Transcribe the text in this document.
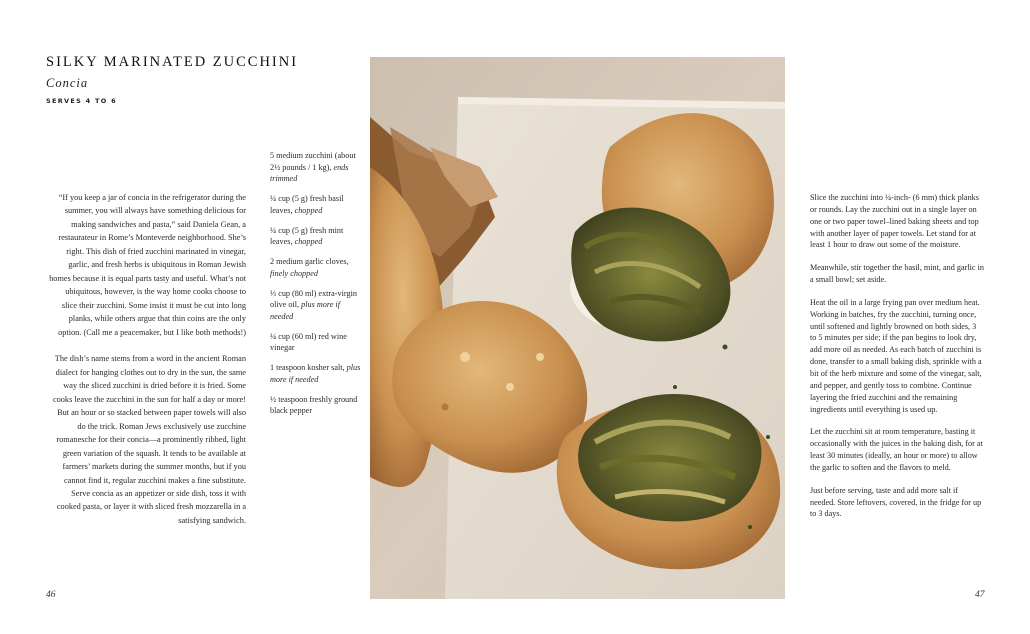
SILKY MARINATED ZUCCHINI
Concia
SERVES 4 TO 6

“If you keep a jar of concia in the refrigerator during the summer, you will always have something delicious for making sandwiches and pasta,” said Daniela Gean, a restaurateur in Rome’s Monteverde neighborhood. She’s right. This dish of fried zucchini marinated in vinegar, garlic, and fresh herbs is ubiquitous in Roman Jewish homes because it is equal parts tasty and useful. What’s not ubiquitous, however, is the way home cooks choose to slice their zucchini. Some insist it must be cut into long planks, while others argue that thin coins are the only option. (Call me a peacemaker, but I like both methods!)

The dish’s name stems from a word in the ancient Roman dialect for hanging clothes out to dry in the sun, the same way the sliced zucchini is dried before it is fried. Some cooks leave the zucchini in the sun for half a day or more! But an hour or so stacked between paper towels will also do the trick. Roman Jews exclusively use zucchine romanesche for their concia—a prominently ribbed, light green variation of the squash. It tends to be available at farmers’ markets during the summer months, but if you cannot find it, regular zucchini makes a fine substitute. Serve concia as an appetizer or side dish, toss it with cooked pasta, or layer it with sliced fresh mozzarella in a satisfying sandwich.

5 medium zucchini (about 2½ pounds / 1 kg), ends trimmed
¼ cup (5 g) fresh basil leaves, chopped
¼ cup (5 g) fresh mint leaves, chopped
2 medium garlic cloves, finely chopped
⅓ cup (80 ml) extra-virgin olive oil, plus more if needed
¼ cup (60 ml) red wine vinegar
1 teaspoon kosher salt, plus more if needed
½ teaspoon freshly ground black pepper

Slice the zucchini into ¼-inch- (6 mm) thick planks or rounds. Lay the zucchini out in a single layer on one or two paper towel–lined baking sheets and top with another layer of paper towels. Let stand for at least 1 hour to draw out some of the moisture.

Meanwhile, stir together the basil, mint, and garlic in a small bowl; set aside.

Heat the oil in a large frying pan over medium heat. Working in batches, fry the zucchini, turning once, until softened and lightly browned on both sides, 3 to 5 minutes per side; if the pan begins to look dry, add more oil as needed. As each batch of zucchini is done, transfer to a small baking dish, sprinkle with a bit of the herb mixture and some of the vinegar, salt, and pepper, and gently toss to combine. Continue layering the fried zucchini and the remaining ingredients until everything is used up.

Let the zucchini sit at room temperature, basting it occasionally with the juices in the baking dish, for at least 30 minutes (ideally, an hour or more) to allow the garlic to soften and the flavors to meld.

Just before serving, taste and add more salt if needed. Store leftovers, covered, in the fridge for up to 3 days.

46	47
